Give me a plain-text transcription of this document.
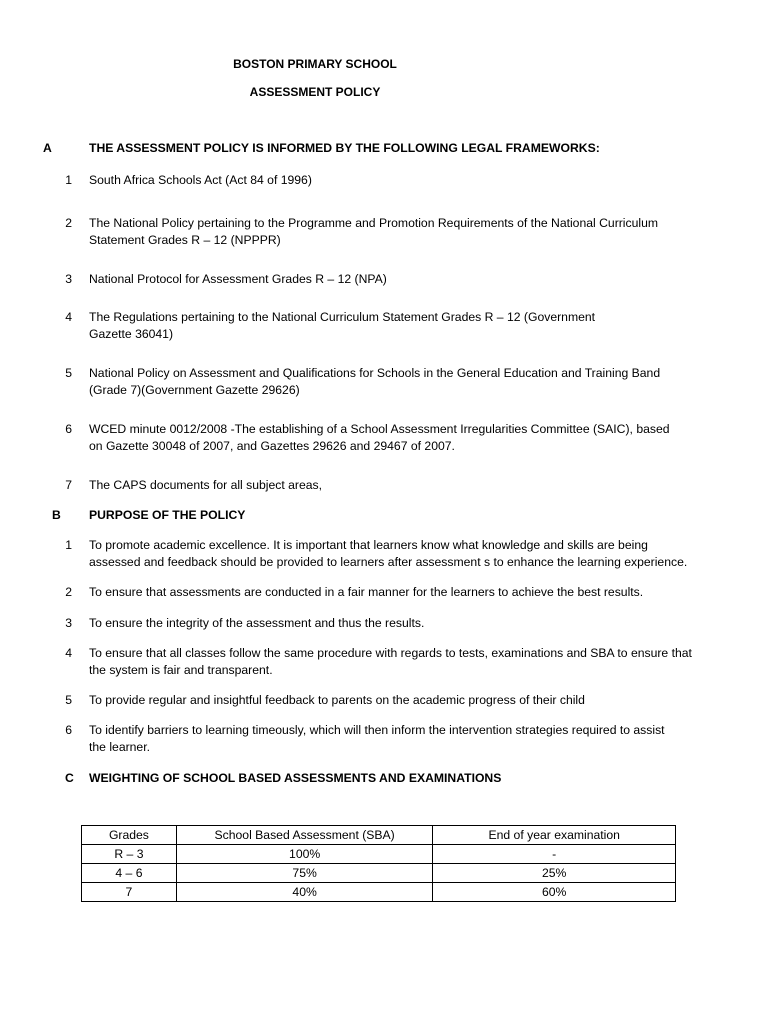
BOSTON PRIMARY SCHOOL
ASSESSMENT POLICY
A	THE ASSESSMENT POLICY IS INFORMED BY THE FOLLOWING LEGAL FRAMEWORKS:
1 South Africa Schools Act (Act 84 of 1996)
2 The National Policy pertaining to the Programme and Promotion Requirements of the National Curriculum
Statement Grades R – 12 (NPPPR)
3 National Protocol for Assessment Grades R – 12 (NPA)
4 The Regulations pertaining to the National Curriculum Statement Grades R – 12 (Government
Gazette 36041)
5 National Policy on Assessment and Qualifications for Schools in the General Education and Training Band
(Grade 7)(Government Gazette 29626)
6 WCED minute 0012/2008 -The establishing of a School Assessment Irregularities Committee (SAIC), based
on Gazette 30048 of 2007, and Gazettes 29626 and 29467 of 2007.
7 The CAPS documents for all subject areas,
B PURPOSE OF THE POLICY
1 To promote academic excellence. It is important that learners know what knowledge and skills are being
assessed and feedback should be provided to learners after assessment s to enhance the learning experience.
2 To ensure that assessments are conducted in a fair manner for the learners to achieve the best results.
3 To ensure the integrity of the assessment and thus the results.
4 To ensure that all classes follow the same procedure with regards to tests, examinations and SBA to ensure that
the system is fair and transparent.
5 To provide regular and insightful feedback to parents on the academic progress of their child
6 To identify barriers to learning timeously, which will then inform the intervention strategies required to assist
the learner.
C WEIGHTING OF SCHOOL BASED ASSESSMENTS AND EXAMINATIONS
Grades	School Based Assessment (SBA)	End of year examination
R – 3	100%	-
4 – 6	75%	25%
7	40%	60%
